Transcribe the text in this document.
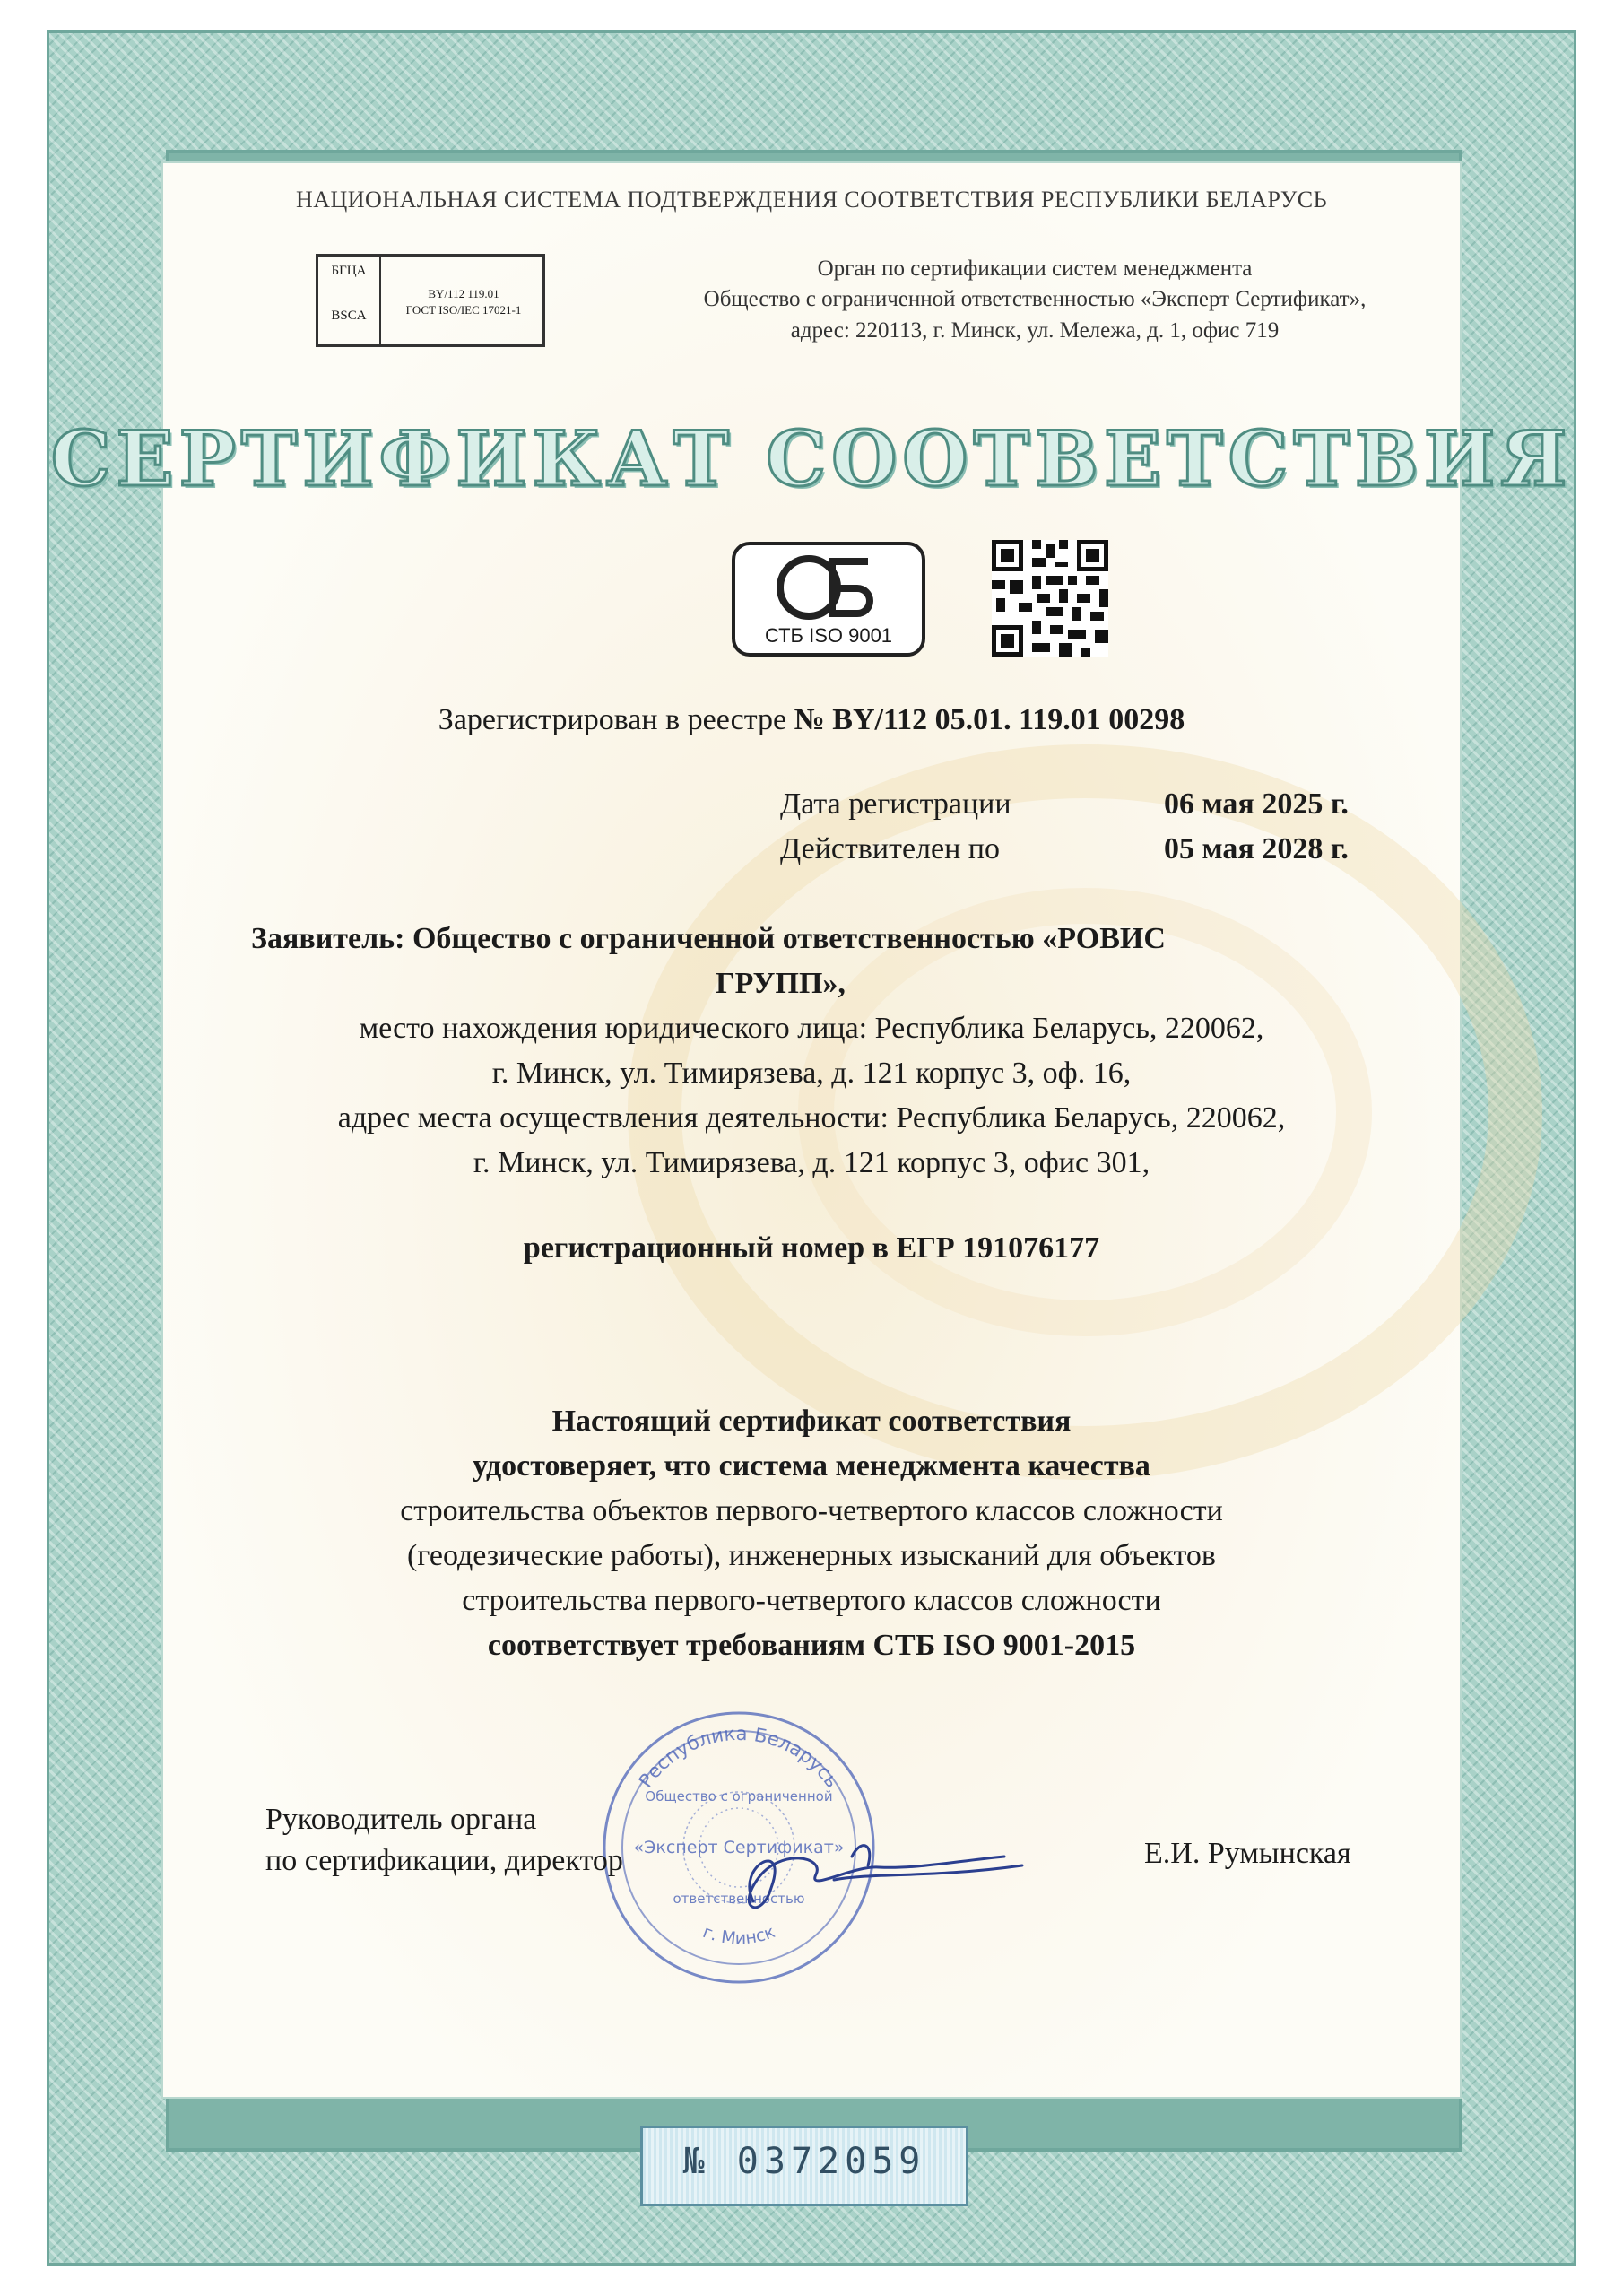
НАЦИОНАЛЬНАЯ СИСТЕМА ПОДТВЕРЖДЕНИЯ СООТВЕТСТВИЯ РЕСПУБЛИКИ БЕЛАРУСЬ
БГЦА
BSCA
BY/112 119.01
ГОСТ ISO/IEC 17021-1
Орган по сертификации систем менеджмента
Общество с ограниченной ответственностью «Эксперт Сертификат»,
адрес: 220113, г. Минск, ул. Мележа, д. 1, офис 719
СЕРТИФИКАТ СООТВЕТСТВИЯ
СТБ ISO 9001
Зарегистрирован в реестре № BY/112 05.01. 119.01 00298
Дата регистрации	06 мая 2025 г.
Действителен по	05 мая 2028 г.
Заявитель: Общество с ограниченной ответственностью «РОВИС
ГРУПП»,
место нахождения юридического лица: Республика Беларусь, 220062,
г. Минск, ул. Тимирязева, д. 121 корпус 3, оф. 16,
адрес места осуществления деятельности: Республика Беларусь, 220062,
г. Минск, ул. Тимирязева, д. 121 корпус 3, офис 301,
регистрационный номер в ЕГР 191076177
Настоящий сертификат соответствия
удостоверяет, что система менеджмента качества
строительства объектов первого-четвертого классов сложности
(геодезические работы), инженерных изысканий для объектов
строительства первого-четвертого классов сложности
соответствует требованиям СТБ ISO 9001-2015
Республика Беларусь
Общество с ограниченной
«Эксперт Сертификат»
ответственностью
г. Минск
Руководитель органа
по сертификации, директор	Е.И. Румынская
№ 0372059
